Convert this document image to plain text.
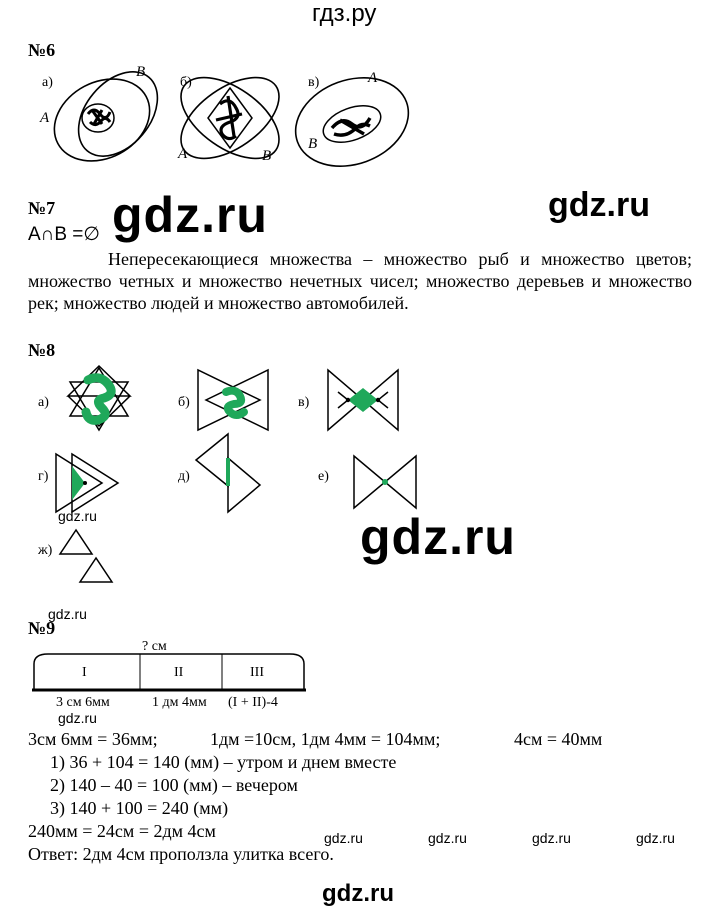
гдз.ру
№6
а)
A
B
б)
A	B
в)	A
B
№7
A∩B =∅ gdz.ru	gdz.ru
Непересекающиеся множества – множество рыб и множество цветов; множество четных и множество нечетных чисел; множество деревьев и множество рек; множество людей и множество автомобилей.
№8
а)	б)	в)
г)	д)	е)
ж)
gdz.ru	gdz.ru
gdz.ru
№9
? см
I	II	III
3 см 6мм	1 дм 4мм (I + II)-4
gdz.ru
3см 6мм = 36мм;	1дм =10см, 1дм 4мм = 104мм;	4см = 40мм
1) 36 + 104 = 140 (мм) – утром и днем вместе
2) 140 – 40 = 100 (мм) – вечером
3) 140 + 100 = 240 (мм)
240мм = 24см = 2дм 4см
Ответ: 2дм 4см проползла улитка всего.
gdz.ru	gdz.ru	gdz.ru	gdz.ru
gdz.ru
